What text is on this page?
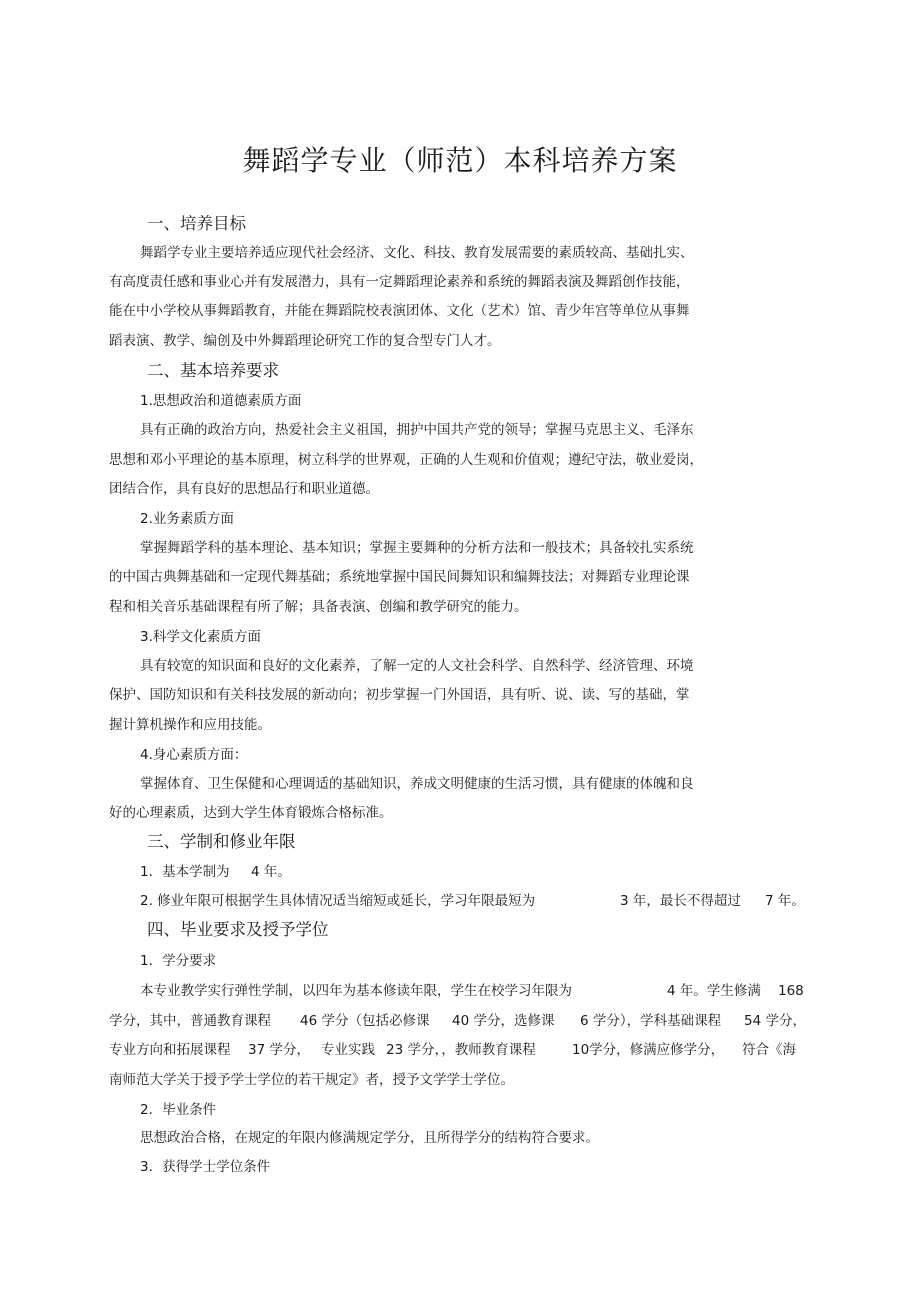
舞蹈学专业（师范）本科培养方案
一、培养目标
舞蹈学专业主要培养适应现代社会经济、文化、科技、教育发展需要的素质较高、基础扎实、
有高度责任感和事业心并有发展潜力，具有一定舞蹈理论素养和系统的舞蹈表演及舞蹈创作技能，
能在中小学校从事舞蹈教育，并能在舞蹈院校表演团体、文化（艺术）馆、青少年宫等单位从事舞
蹈表演、教学、编创及中外舞蹈理论研究工作的复合型专门人才。
二、基本培养要求
1.思想政治和道德素质方面
具有正确的政治方向，热爱社会主义祖国，拥护中国共产党的领导；掌握马克思主义、毛泽东
思想和邓小平理论的基本原理，树立科学的世界观，正确的人生观和价值观；遵纪守法，敬业爱岗，
团结合作，具有良好的思想品行和职业道德。
2.业务素质方面
掌握舞蹈学科的基本理论、基本知识；掌握主要舞种的分析方法和一般技术；具备较扎实系统
的中国古典舞基础和一定现代舞基础；系统地掌握中国民间舞知识和编舞技法；对舞蹈专业理论课
程和相关音乐基础课程有所了解；具备表演、创编和教学研究的能力。
3.科学文化素质方面
具有较宽的知识面和良好的文化素养，了解一定的人文社会科学、自然科学、经济管理、环境
保护、国防知识和有关科技发展的新动向；初步掌握一门外国语，具有听、说、读、写的基础，掌
握计算机操作和应用技能。
4.身心素质方面：
掌握体育、卫生保健和心理调适的基础知识，养成文明健康的生活习惯，具有健康的体魄和良
好的心理素质，达到大学生体育锻炼合格标准。
三、学制和修业年限
1．基本学制为 4 年。
2. 修业年限可根据学生具体情况适当缩短或延长，学习年限最短为	3 年，最长不得超过 7 年。
四、毕业要求及授予学位
1．学分要求
本专业教学实行弹性学制，以四年为基本修读年限，学生在校学习年限为	4 年。学生修满 168
学分，其中，普通教育课程 46 学分（包括必修课 40 学分，选修课 6 学分），学科基础课程 54 学分，
专业方向和拓展课程 37 学分， 专业实践 23 学分，，教师教育课程	10学分，修满应修学分， 符合《海
南师范大学关于授予学士学位的若干规定》者，授予文学学士学位。
2．毕业条件
思想政治合格，在规定的年限内修满规定学分，且所得学分的结构符合要求。
3．获得学士学位条件
